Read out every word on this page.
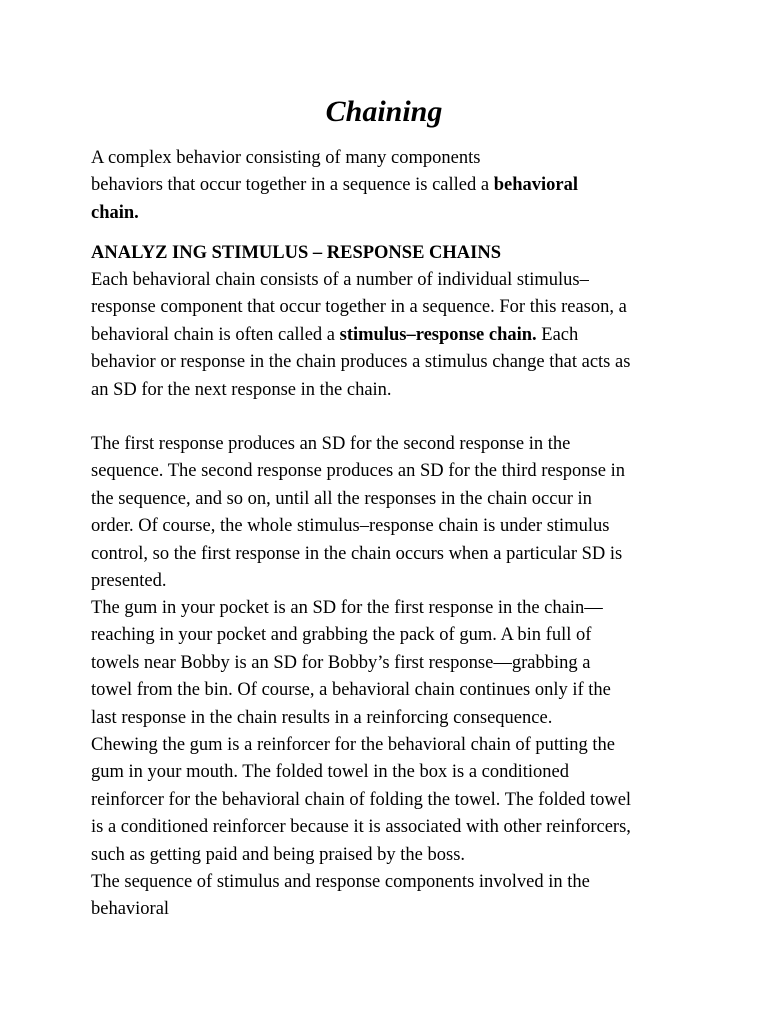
Chaining
A complex behavior consisting of many components
behaviors that occur together in a sequence is called a behavioral
chain.
ANALYZ ING STIMULUS – RESPONSE CHAINS
Each behavioral chain consists of a number of individual stimulus–
response component that occur together in a sequence. For this reason, a
behavioral chain is often called a stimulus–response chain. Each
behavior or response in the chain produces a stimulus change that acts as
an SD for the next response in the chain.
The first response produces an SD for the second response in the
sequence. The second response produces an SD for the third response in
the sequence, and so on, until all the responses in the chain occur in
order. Of course, the whole stimulus–response chain is under stimulus
control, so the first response in the chain occurs when a particular SD is
presented.
The gum in your pocket is an SD for the first response in the chain—
reaching in your pocket and grabbing the pack of gum. A bin full of
towels near Bobby is an SD for Bobby’s first response—grabbing a
towel from the bin. Of course, a behavioral chain continues only if the
last response in the chain results in a reinforcing consequence.
Chewing the gum is a reinforcer for the behavioral chain of putting the
gum in your mouth. The folded towel in the box is a conditioned
reinforcer for the behavioral chain of folding the towel. The folded towel
is a conditioned reinforcer because it is associated with other reinforcers,
such as getting paid and being praised by the boss.
The sequence of stimulus and response components involved in the
behavioral
